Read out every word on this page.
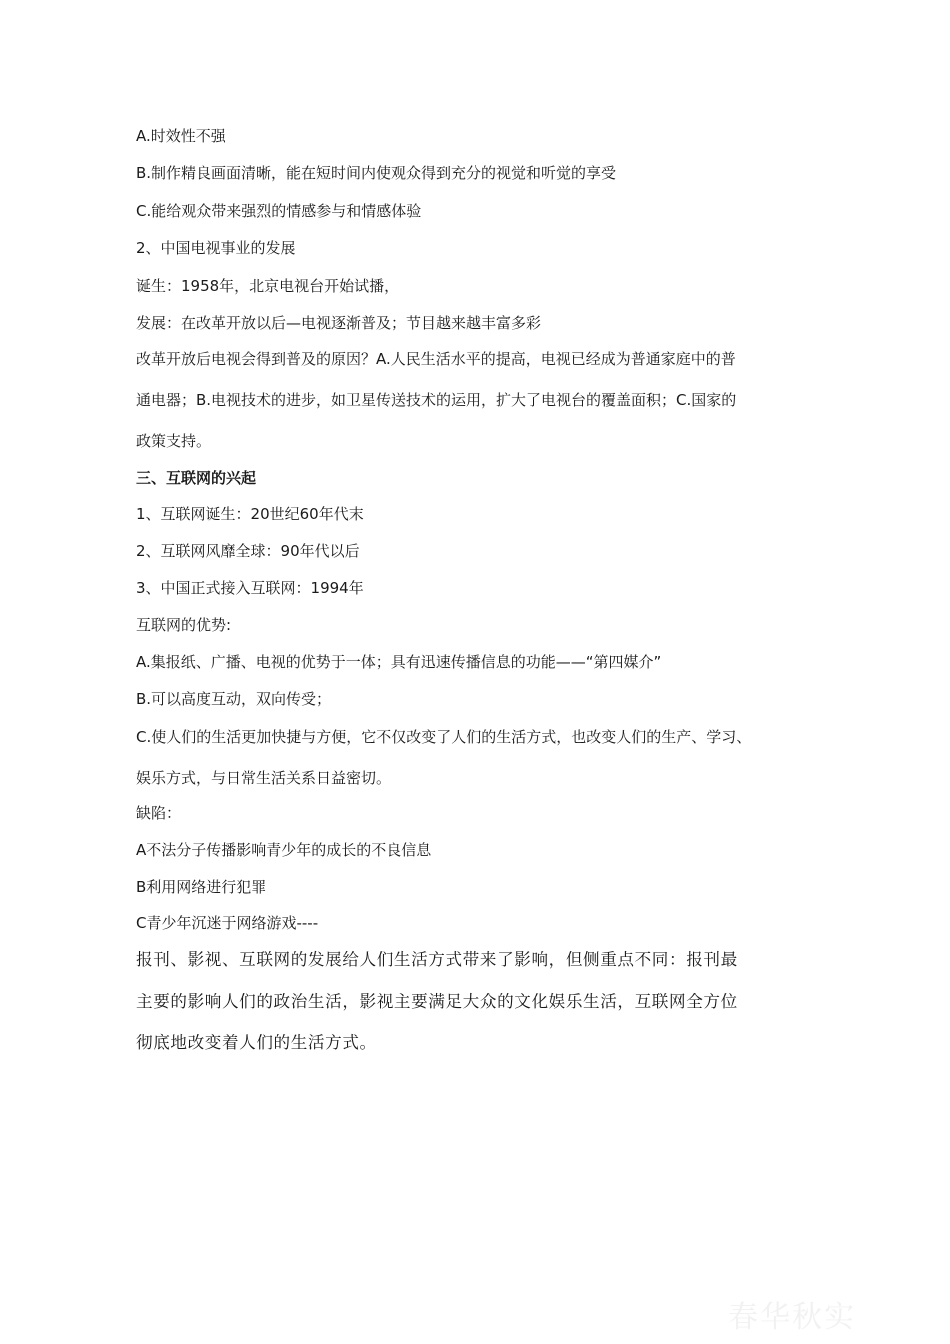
A.时效性不强
B.制作精良画面清晰，能在短时间内使观众得到充分的视觉和听觉的享受
C.能给观众带来强烈的情感参与和情感体验
2、中国电视事业的发展
诞生：1958年，北京电视台开始试播，
发展：在改革开放以后—电视逐渐普及；节目越来越丰富多彩
改革开放后电视会得到普及的原因？A.人民生活水平的提高，电视已经成为普通家庭中的普
通电器；B.电视技术的进步，如卫星传送技术的运用，扩大了电视台的覆盖面积；C.国家的
政策支持。
三、互联网的兴起
1、互联网诞生：20世纪60年代末
2、互联网风靡全球：90年代以后
3、中国正式接入互联网：1994年
互联网的优势:
A.集报纸、广播、电视的优势于一体；具有迅速传播信息的功能——“第四媒介”
B.可以高度互动，双向传受；
C.使人们的生活更加快捷与方便，它不仅改变了人们的生活方式，也改变人们的生产、学习、
娱乐方式，与日常生活关系日益密切。
缺陷：
A不法分子传播影响青少年的成长的不良信息
B利用网络进行犯罪
C青少年沉迷于网络游戏----
报刊、影视、互联网的发展给人们生活方式带来了影响，但侧重点不同：报刊最
主要的影响人们的政治生活，影视主要满足大众的文化娱乐生活，互联网全方位
彻底地改变着人们的生活方式。
春华秋实
